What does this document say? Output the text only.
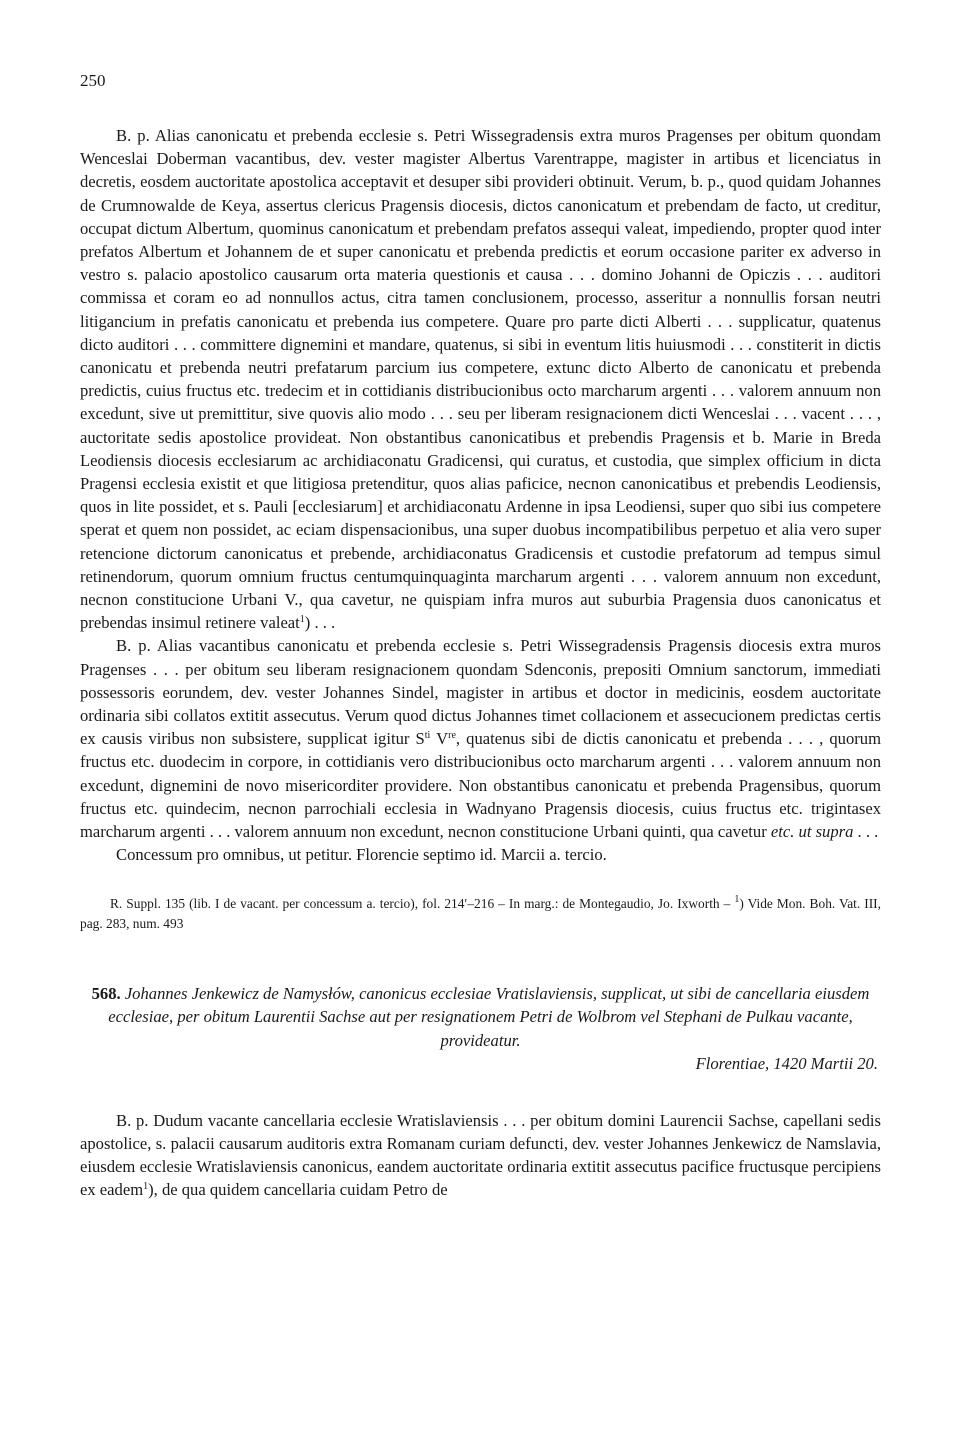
250

B. p. Alias canonicatu et prebenda ecclesie s. Petri Wissegradensis extra muros Pragenses per obitum quondam Wenceslai Doberman vacantibus, dev. vester magister Albertus Varentrappe, magister in artibus et licenciatus in decretis, eosdem auctoritate apostolica acceptavit et desuper sibi provideri obtinuit. Verum, b. p., quod quidam Johannes de Crumnowalde de Keya, assertus clericus Pragensis diocesis, dictos canonicatum et prebendam de facto, ut creditur, occupat dictum Albertum, quominus canonicatum et prebendam prefatos assequi valeat, impediendo, propter quod inter prefatos Albertum et Johannem de et super canonicatu et prebenda predictis et eorum occasione pariter ex adverso in vestro s. palacio apostolico causarum orta materia questionis et causa . . . domino Johanni de Opiczis . . . auditori commissa et coram eo ad nonnullos actus, citra tamen conclusionem, processo, asseritur a nonnullis forsan neutri litigancium in prefatis canonicatu et prebenda ius competere. Quare pro parte dicti Alberti . . . supplicatur, quatenus dicto auditori . . . committere dignemini et mandare, quatenus, si sibi in eventum litis huiusmodi . . . constiterit in dictis canonicatu et prebenda neutri prefatarum parcium ius competere, extunc dicto Alberto de canonicatu et prebenda predictis, cuius fructus etc. tredecim et in cottidianis distribucionibus octo marcharum argenti . . . valorem annuum non excedunt, sive ut premittitur, sive quovis alio modo . . . seu per liberam resignacionem dicti Wenceslai . . . vacent . . . , auctoritate sedis apostolice provideat. Non obstantibus canonicatibus et prebendis Pragensis et b. Marie in Breda Leodiensis diocesis ecclesiarum ac archidiaconatu Gradicensi, qui curatus, et custodia, que simplex officium in dicta Pragensi ecclesia existit et que litigiosa pretenditur, quos alias paficice, necnon canonicatibus et prebendis Leodiensis, quos in lite possidet, et s. Pauli [ecclesiarum] et archidiaconatu Ardenne in ipsa Leodiensi, super quo sibi ius competere sperat et quem non possidet, ac eciam dispensacionibus, una super duobus incompatibilibus perpetuo et alia vero super retencione dictorum canonicatus et prebende, archidiaconatus Gradicensis et custodie prefatorum ad tempus simul retinendorum, quorum omnium fructus centumquinquaginta marcharum argenti . . . valorem annuum non excedunt, necnon constitucione Urbani V., qua cavetur, ne quispiam infra muros aut suburbia Pragensia duos canonicatus et prebendas insimul retinere valeat$^1$) . . .

B. p. Alias vacantibus canonicatu et prebenda ecclesie s. Petri Wissegradensis Pragensis diocesis extra muros Pragenses . . . per obitum seu liberam resignacionem quondam Sdenconis, prepositi Omnium sanctorum, immediati possessoris eorundem, dev. vester Johannes Sindel, magister in artibus et doctor in medicinis, eosdem auctoritate ordinaria sibi collatos extitit assecutus. Verum quod dictus Johannes timet collacionem et assecucionem predictas certis ex causis viribus non subsistere, supplicat igitur $S^{ti}$ Vre, quatenus sibi de dictis canonicatu et prebenda . . . , quorum fructus etc. duodecim in corpore, in cottidianis vero distribucionibus octo marcharum argenti . . . valorem annuum non excedunt, dignemini de novo misericorditer providere. Non obstantibus canonicatu et prebenda Pragensibus, quorum fructus etc. quindecim, necnon parrochiali ecclesia in Wadnyano Pragensis diocesis, cuius fructus etc. trigintasex marcharum argenti . . . valorem annuum non excedunt, necnon constitucione Urbani quinti, qua cavetur etc. ut supra . . .

Concessum pro omnibus, ut petitur. Florencie septimo id. Marcii a. tercio.

R. Suppl. 135 (lib. I de vacant. per concessum a. tercio), fol. 214′–216 – In marg.: de Montegaudio, Jo. Ixworth – $^1$) Vide Mon. Boh. Vat. III, pag. 283, num. 493

568. Johannes Jenkewicz de Namysłów, canonicus ecclesiae Vratislaviensis, supplicat, ut sibi de cancellaria eiusdem ecclesiae, per obitum Laurentii Sachse aut per resignationem Petri de Wolbrom vel Stephani de Pulkau vacante, provideatur.
Florentiae, 1420 Martii 20.

B. p. Dudum vacante cancellaria ecclesie Wratislaviensis . . . per obitum domini Laurencii Sachse, capellani sedis apostolice, s. palacii causarum auditoris extra Romanam curiam defuncti, dev. vester Johannes Jenkewicz de Namslavia, eiusdem ecclesie Wratislaviensis canonicus, eandem auctoritate ordinaria extitit assecutus pacifice fructusque percipiens ex eadem$^1$), de qua quidem cancellaria cuidam Petro de
